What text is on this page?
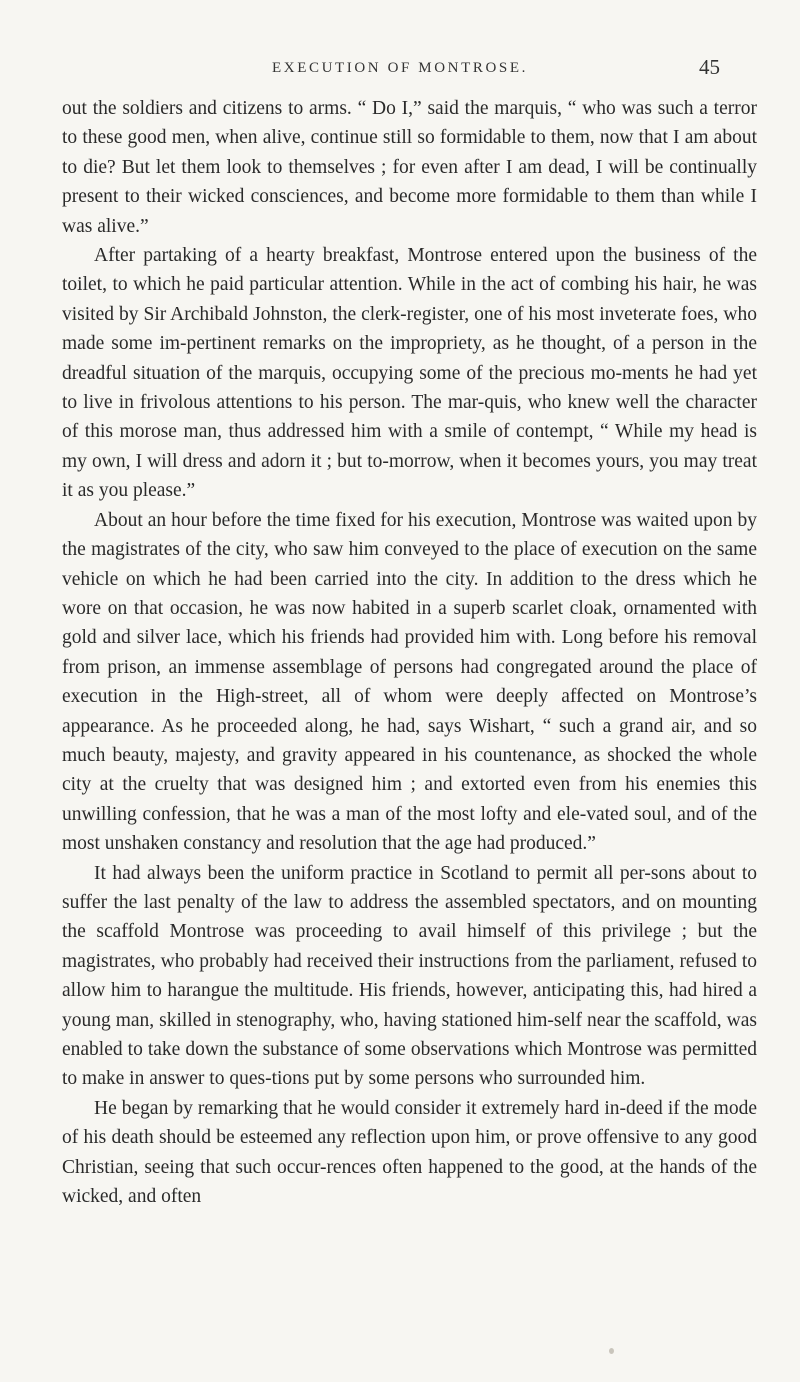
EXECUTION OF MONTROSE.	45

out the soldiers and citizens to arms. “ Do I,” said the marquis, “ who was such a terror to these good men, when alive, continue still so formidable to them, now that I am about to die? But let them look to themselves ; for even after I am dead, I will be continually present to their wicked consciences, and become more formidable to them than while I was alive.”

After partaking of a hearty breakfast, Montrose entered upon the business of the toilet, to which he paid particular attention. While in the act of combing his hair, he was visited by Sir Archibald Johnston, the clerk-register, one of his most inveterate foes, who made some im-pertinent remarks on the impropriety, as he thought, of a person in the dreadful situation of the marquis, occupying some of the precious mo-ments he had yet to live in frivolous attentions to his person. The mar-quis, who knew well the character of this morose man, thus addressed him with a smile of contempt, “ While my head is my own, I will dress and adorn it ; but to-morrow, when it becomes yours, you may treat it as you please.”

About an hour before the time fixed for his execution, Montrose was waited upon by the magistrates of the city, who saw him conveyed to the place of execution on the same vehicle on which he had been carried into the city. In addition to the dress which he wore on that occasion, he was now habited in a superb scarlet cloak, ornamented with gold and silver lace, which his friends had provided him with. Long before his removal from prison, an immense assemblage of persons had congregated around the place of execution in the High-street, all of whom were deeply affected on Montrose’s appearance. As he proceeded along, he had, says Wishart, “ such a grand air, and so much beauty, majesty, and gravity appeared in his countenance, as shocked the whole city at the cruelty that was designed him ; and extorted even from his enemies this unwilling confession, that he was a man of the most lofty and ele-vated soul, and of the most unshaken constancy and resolution that the age had produced.”

It had always been the uniform practice in Scotland to permit all per-sons about to suffer the last penalty of the law to address the assembled spectators, and on mounting the scaffold Montrose was proceeding to avail himself of this privilege ; but the magistrates, who probably had received their instructions from the parliament, refused to allow him to harangue the multitude. His friends, however, anticipating this, had hired a young man, skilled in stenography, who, having stationed him-self near the scaffold, was enabled to take down the substance of some observations which Montrose was permitted to make in answer to ques-tions put by some persons who surrounded him.

He began by remarking that he would consider it extremely hard in-deed if the mode of his death should be esteemed any reflection upon him, or prove offensive to any good Christian, seeing that such occur-rences often happened to the good, at the hands of the wicked, and often
